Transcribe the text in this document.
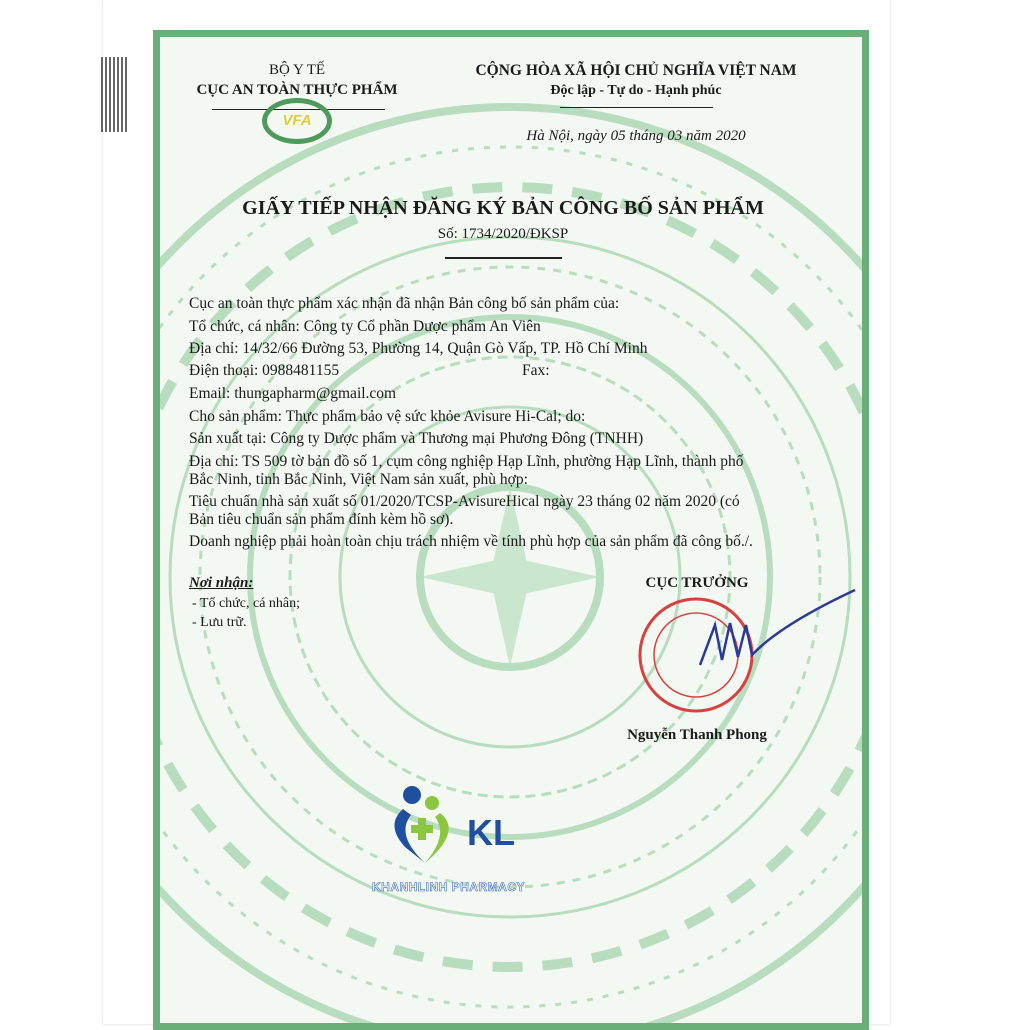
BỘ Y TẾ
CỤC AN TOÀN THỰC PHẨM
VFA
CỘNG HÒA XÃ HỘI CHỦ NGHĨA VIỆT NAM
Độc lập - Tự do - Hạnh phúc
Hà Nội, ngày 05 tháng 03 năm 2020
GIẤY TIẾP NHẬN ĐĂNG KÝ BẢN CÔNG BỐ SẢN PHẨM
Số: 1734/2020/ĐKSP
Cục an toàn thực phẩm xác nhận đã nhận Bản công bố sản phẩm của:
Tổ chức, cá nhân: Công ty Cổ phần Dược phẩm An Viên
Địa chỉ: 14/32/66 Đường 53, Phường 14, Quận Gò Vấp, TP. Hồ Chí Minh
Điện thoại: 0988481155	Fax:
Email: thungapharm@gmail.com
Cho sản phẩm: Thực phẩm bảo vệ sức khỏe Avisure Hi-Cal; do:
Sản xuất tại: Công ty Dược phẩm và Thương mại Phương Đông (TNHH)
Địa chỉ: TS 509 tờ bản đồ số 1, cụm công nghiệp Hạp Lĩnh, phường Hạp Lĩnh, thành phố
Bắc Ninh, tỉnh Bắc Ninh, Việt Nam sản xuất, phù hợp:
Tiêu chuẩn nhà sản xuất số 01/2020/TCSP-AvisureHical ngày 23 tháng 02 năm 2020 (có
Bản tiêu chuẩn sản phẩm đính kèm hồ sơ).
Doanh nghiệp phải hoàn toàn chịu trách nhiệm về tính phù hợp của sản phẩm đã công bố./.
Nơi nhận:
- Tổ chức, cá nhân;
- Lưu trữ.
CỤC TRƯỞNG
Nguyễn Thanh Phong
KL
KHANHLINH PHARMACY
